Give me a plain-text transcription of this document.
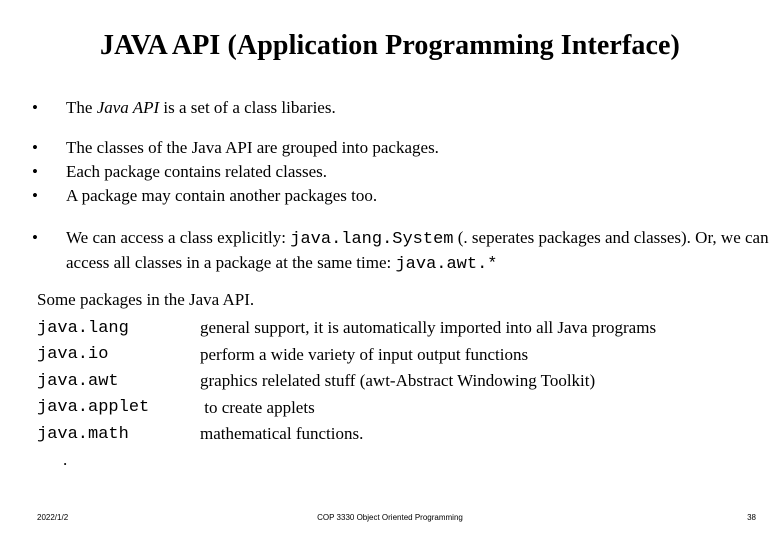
JAVA API (Application Programming Interface)
•	The Java API is a set of a class libaries.
•	The classes of the Java API are grouped into packages.
•	Each package contains related classes.
•	A package may contain another packages too.
•	We can access a class explicitly: java.lang.System (. seperates packages and classes). Or, we can access all classes in a package at the same time: java.awt.*
Some packages in the Java API.
java.lang	general support, it is automatically imported into all Java programs
java.io	perform a wide variety of input output functions
java.awt	graphics relelated stuff (awt-Abstract Windowing Toolkit)
java.applet	to create applets
java.math	mathematical functions.
.
2022/1/2	COP 3330 Object Oriented Programming	38
